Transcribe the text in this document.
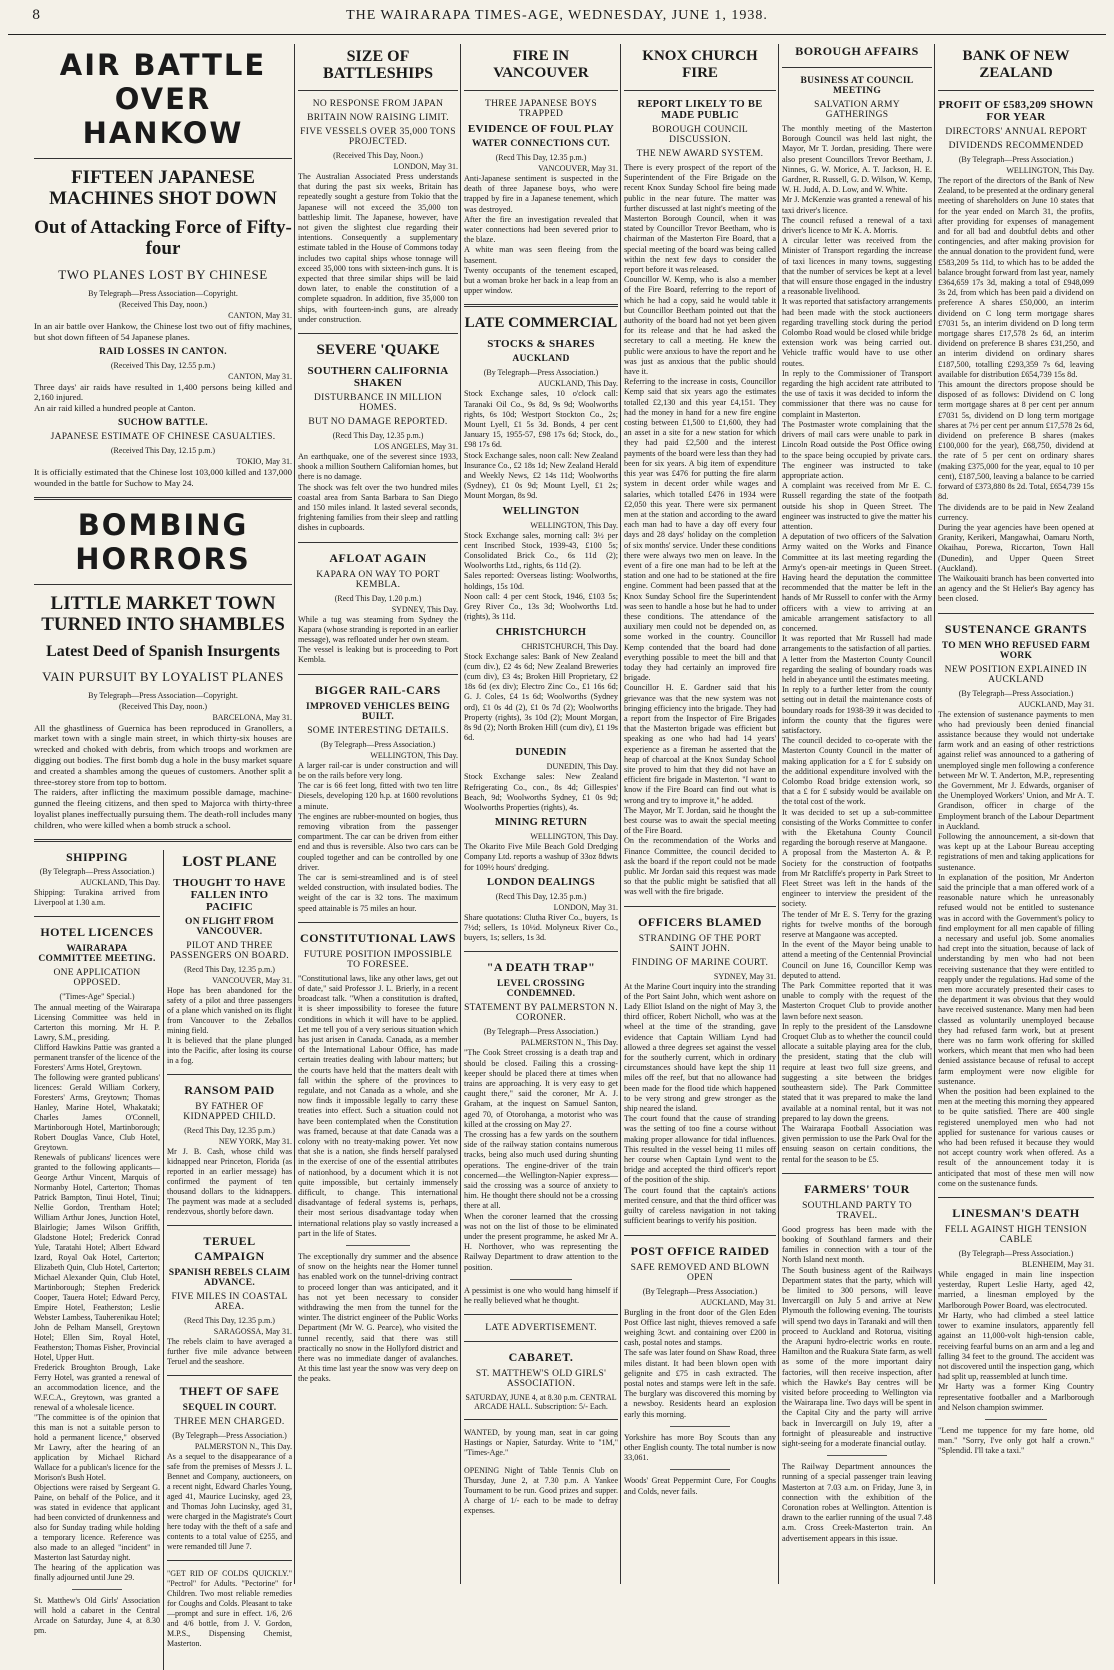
8	THE WAIRARAPA TIMES-AGE, WEDNESDAY, JUNE 1, 1938.
AIR BATTLE OVER HANKOW
FIFTEEN JAPANESE MACHINES SHOT DOWN
Out of Attacking Force of Fifty-four
TWO PLANES LOST BY CHINESE
By Telegraph—Press Association—Copyright.
(Received This Day, noon.)
CANTON, May 31.

In an air battle over Hankow, the Chinese lost two out of fifty machines, but shot down fifteen of 54 Japanese planes.

RAID LOSSES IN CANTON.
(Received This Day, 12.55 p.m.)
CANTON, May 31.

Three days' air raids have resulted in 1,400 persons being killed and 2,160 injured.

An air raid killed a hundred people at Canton.

SUCHOW BATTLE.
JAPANESE ESTIMATE OF CHINESE CASUALTIES.
(Received This Day, 12.15 p.m.)
TOKIO, May 31.

It is officially estimated that the Chinese lost 103,000 killed and 137,000 wounded in the battle for Suchow to May 24.

BOMBING HORRORS
LITTLE MARKET TOWN TURNED INTO SHAMBLES
Latest Deed of Spanish Insurgents
VAIN PURSUIT BY LOYALIST PLANES
By Telegraph—Press Association—Copyright.
(Received This Day, noon.)
BARCELONA, May 31.

All the ghastliness of Guernica has been reproduced in Granollers, a market town with a single main street, in which thirty-six houses are wrecked and choked with debris, from which troops and workmen are digging out bodies. The first bomb dug a hole in the busy market square and created a shambles among the queues of customers. Another split a three-storey store from top to bottom.

The raiders, after inflicting the maximum possible damage, machine-gunned the fleeing citizens, and then sped to Majorca with thirty-three loyalist planes ineffectually pursuing them. The death-roll includes many children, who were killed when a bomb struck a school.

SHIPPING
(By Telegraph—Press Association.)
AUCKLAND, This Day.

Shipping: Turakina arrived from Liverpool at 1.30 a.m.

HOTEL LICENCES
WAIRARAPA COMMITTEE MEETING.
ONE APPLICATION OPPOSED.
("Times-Age" Special.)

The annual meeting of the Wairarapa Licensing Committee was held in Carterton this morning. Mr H. P. Lawry, S.M., presiding.

Clifford Hawkins Pattie was granted a permanent transfer of the licence of the Foresters' Arms Hotel, Greytown.

The following were granted publicans' licences: Gerald William Corkery, Foresters' Arms, Greytown; Thomas Hanley, Marine Hotel, Whakataki; Charles James O'Connell, Martinborough Hotel, Martinborough; Robert Douglas Vance, Club Hotel, Greytown.

Renewals of publicans' licences were granted to the following applicants—George Arthur Vincent, Marquis of Normanby Hotel, Carterton; Thomas Patrick Bampton, Tinui Hotel, Tinui; Nellie Gordon, Trentham Hotel; William Arthur Jones, Junction Hotel, Blairlogie; James Wilson Griffith, Gladstone Hotel; Frederick Conrad Yule, Taratahi Hotel; Albert Edward Izard, Royal Oak Hotel, Carterton; Elizabeth Quin, Club Hotel, Carterton; Michael Alexander Quin, Club Hotel, Martinborough; Stephen Frederick Cooper, Tauera Hotel; Edward Percy, Empire Hotel, Featherston; Leslie Webster Lambess, Tauherenikau Hotel; John de Pelham Mansell, Greytown Hotel; Ellen Sim, Royal Hotel, Featherston; Thomas Fisher, Provincial Hotel, Upper Hutt.

Frederick Broughton Brough, Lake Ferry Hotel, was granted a renewal of an accommodation licence, and the W.F.C.A., Greytown, was granted a renewal of a wholesale licence.

"The committee is of the opinion that this man is not a suitable person to hold a permanent licence," observed Mr Lawry, after the hearing of an application by Michael Richard Wallace for a publican's licence for the Morison's Bush Hotel.

Objections were raised by Sergeant G. Paine, on behalf of the Police, and it was stated in evidence that applicant had been convicted of drunkenness and also for Sunday trading while holding a temporary licence. Reference was also made to an alleged "incident" in Masterton last Saturday night.

The hearing of the application was finally adjourned until June 29.

St. Matthew's Old Girls' Association will hold a cabaret in the Central Arcade on Saturday, June 4, at 8.30 pm.

LOST PLANE
THOUGHT TO HAVE FALLEN INTO PACIFIC
ON FLIGHT FROM VANCOUVER.
PILOT AND THREE PASSENGERS ON BOARD.
(Recd This Day, 12.35 p.m.)
VANCOUVER, May 31.

Hope has been abandoned for the safety of a pilot and three passengers of a plane which vanished on its flight from Vancouver to the Zeballos mining field.

It is believed that the plane plunged into the Pacific, after losing its course in a fog.

RANSOM PAID
BY FATHER OF KIDNAPPED CHILD.
(Recd This Day, 12.35 p.m.)
NEW YORK, May 31.

Mr J. B. Cash, whose child was kidnapped near Princeton, Florida (as reported in an earlier message) has confirmed the payment of ten thousand dollars to the kidnappers. The payment was made at a secluded rendezvous, shortly before dawn.

TERUEL CAMPAIGN
SPANISH REBELS CLAIM ADVANCE.
FIVE MILES IN COASTAL AREA.
(Recd This Day, 12.35 p.m.)
SARAGOSSA, May 31.

The rebels claim to have averaged a further five mile advance between Teruel and the seashore.

THEFT OF SAFE
SEQUEL IN COURT.
THREE MEN CHARGED.
(By Telegraph—Press Association.)
PALMERSTON N., This Day.

As a sequel to the disappearance of a safe from the premises of Messrs J. L. Bennet and Company, auctioneers, on a recent night, Edward Charles Young, aged 41, Maurice Lucinsky, aged 23, and Thomas John Lucinsky, aged 31, were charged in the Magistrate's Court here today with the theft of a safe and contents to a total value of £255, and were remanded till June 7.

"GET RID OF COLDS QUICKLY." "Pectrol" for Adults. "Pectorine" for Children. Two most reliable remedies for Coughs and Colds. Pleasant to take—prompt and sure in effect. 1/6, 2/6 and 4/6 bottle, from J. V. Gordon, M.P.S., Dispensing Chemist, Masterton.

SIZE OF BATTLESHIPS
NO RESPONSE FROM JAPAN
BRITAIN NOW RAISING LIMIT.
FIVE VESSELS OVER 35,000 TONS PROJECTED.
(Received This Day, Noon.)
LONDON, May 31.

The Australian Associated Press understands that during the past six weeks, Britain has repeatedly sought a gesture from Tokio that the Japanese will not exceed the 35,000 ton battleship limit. The Japanese, however, have not given the slightest clue regarding their intentions. Consequently a supplementary estimate tabled in the House of Commons today includes two capital ships whose tonnage will exceed 35,000 tons with sixteen-inch guns. It is expected that three similar ships will be laid down later, to enable the constitution of a complete squadron. In addition, five 35,000 ton ships, with fourteen-inch guns, are already under construction.

SEVERE 'QUAKE
SOUTHERN CALIFORNIA SHAKEN
DISTURBANCE IN MILLION HOMES.
BUT NO DAMAGE REPORTED.
(Recd This Day, 12.35 p.m.)
LOS ANGELES, May 31.

An earthquake, one of the severest since 1933, shook a million Southern Californian homes, but there is no damage.

The shock was felt over the two hundred miles coastal area from Santa Barbara to San Diego and 150 miles inland. It lasted several seconds, frightening families from their sleep and rattling dishes in cupboards.

AFLOAT AGAIN
KAPARA ON WAY TO PORT KEMBLA.
(Recd This Day, 1.20 p.m.)
SYDNEY, This Day.

While a tug was steaming from Sydney the Kapara (whose stranding is reported in an earlier message), was refloated under her own steam.

The vessel is leaking but is proceeding to Port Kembla.

BIGGER RAIL-CARS
IMPROVED VEHICLES BEING BUILT.
SOME INTERESTING DETAILS.
(By Telegraph—Press Association.)
WELLINGTON, This Day.

A larger rail-car is under construction and will be on the rails before very long.

The car is 66 feet long, fitted with two ten litre Diesels, developing 120 h.p. at 1600 revolutions a minute.

The engines are rubber-mounted on bogies, thus removing vibration from the passenger compartment. The car can be driven from either end and thus is reversible. Also two cars can be coupled together and can be controlled by one driver.

The car is semi-streamlined and is of steel welded construction, with insulated bodies. The weight of the car is 32 tons. The maximum speed attainable is 75 miles an hour.

CONSTITUTIONAL LAWS
FUTURE POSITION IMPOSSIBLE TO FORESEE.

"Constitutional laws, like any other laws, get out of date," said Professor J. L. Brierly, in a recent broadcast talk. "When a constitution is drafted, it is sheer impossibility to foresee the future conditions in which it will have to be applied. Let me tell you of a very serious situation which has just arisen in Canada. Canada, as a member of the International Labour Office, has made certain treaties dealing with labour matters; but the courts have held that the matters dealt with fall within the sphere of the provinces to regulate, and not Canada as a whole, and she now finds it impossible legally to carry these treaties into effect. Such a situation could not have been contemplated when the Constitution was framed, because at that date Canada was a colony with no treaty-making power. Yet now that she is a nation, she finds herself paralysed in the exercise of one of the essential attributes of nationhood, by a document which it is not quite impossible, but certainly immensely difficult, to change. This international disadvantage of federal systems is, perhaps, their most serious disadvantage today when international relations play so vastly increased a part in the life of States.

The exceptionally dry summer and the absence of snow on the heights near the Homer tunnel has enabled work on the tunnel-driving contract to proceed longer than was anticipated, and it has not yet been necessary to consider withdrawing the men from the tunnel for the winter. The district engineer of the Public Works Department (Mr W. G. Pearce), who visited the tunnel recently, said that there was still practically no snow in the Hollyford district and there was no immediate danger of avalanches. At this time last year the snow was very deep on the peaks.

FIRE IN VANCOUVER
THREE JAPANESE BOYS TRAPPED
EVIDENCE OF FOUL PLAY
WATER CONNECTIONS CUT.
(Recd This Day, 12.35 p.m.)
VANCOUVER, May 31.

Anti-Japanese sentiment is suspected in the death of three Japanese boys, who were trapped by fire in a Japanese tenement, which was destroyed.

After the fire an investigation revealed that water connections had been severed prior to the blaze.

A white man was seen fleeing from the basement.

Twenty occupants of the tenement escaped, but a woman broke her back in a leap from an upper window.

LATE COMMERCIAL
STOCKS & SHARES
AUCKLAND
(By Telegraph—Press Association.)
AUCKLAND, This Day.

Stock Exchange sales, 10 o'clock call: Taranaki Oil Co., 9s 8d, 9s 9d; Woolworths rights, 6s 10d; Westport Stockton Co., 2s; Mount Lyell, £1 5s 3d. Bonds, 4 per cent January 15, 1955-57, £98 17s 6d; Stock, do., £98 17s 6d.

Stock Exchange sales, noon call: New Zealand Insurance Co., £2 18s 1d; New Zealand Herald and Weekly News, £2 14s 11d; Woolworths (Sydney), £1 0s 9d; Mount Lyell, £1 2s; Mount Morgan, 8s 9d.

WELLINGTON
WELLINGTON, This Day.

Stock Exchange sales, morning call: 3½ per cent Inscribed Stock, 1939-43, £100 5s; Consolidated Brick Co., 6s 11d (2); Woolworths Ltd., rights, 6s 11d (2).

Sales reported: Overseas listing: Woolworths, holdings, 15s 10d.

Noon call: 4 per cent Stock, 1946, £103 5s; Grey River Co., 13s 3d; Woolworths Ltd. (rights), 3s 11d.

CHRISTCHURCH
CHRISTCHURCH, This Day.

Stock Exchange sales: Bank of New Zealand (cum div.), £2 4s 6d; New Zealand Breweries (cum div), £3 4s; Broken Hill Proprietary, £2 18s 6d (ex div); Electro Zinc Co., £1 16s 6d; G. J. Coles, £4 1s 6d; Woolworths (Sydney ord), £1 0s 4d (2), £1 0s 7d (2); Woolworths Property (rights), 3s 10d (2); Mount Morgan, 8s 9d (2); North Broken Hill (cum div), £1 19s 6d.

DUNEDIN
DUNEDIN, This Day.

Stock Exchange sales: New Zealand Refrigerating Co., con., 8s 4d; Gillespies' Beach, 9d; Woolworths Sydney, £1 0s 9d; Woolworths Properties (rights), 4s.

MINING RETURN
WELLINGTON, This Day.

The Okarito Five Mile Beach Gold Dredging Company Ltd. reports a washup of 33oz 8dwts for 109½ hours' dredging.

LONDON DEALINGS
(Recd This Day, 12.35 p.m.)
LONDON, May 31.

Share quotations: Clutha River Co., buyers, 1s 7½d; sellers, 1s 10½d. Molyneux River Co., buyers, 1s; sellers, 1s 3d.

"A DEATH TRAP"
LEVEL CROSSING CONDEMNED.
STATEMENT BY PALMERSTON N. CORONER.
(By Telegraph—Press Association.)
PALMERSTON N., This Day.

"The Cook Street crossing is a death trap and should be closed. Failing this a crossing-keeper should be placed there at times when trains are approaching. It is very easy to get caught there," said the coroner, Mr A. J. Graham, at the inquest on Samuel Santon, aged 70, of Otorohanga, a motorist who was killed at the crossing on May 27.

The crossing has a few yards on the southern side of the railway station contains numerous tracks, being also much used during shunting operations. The engine-driver of the train concerned—the Wellington-Napier express—said the crossing was a source of anxiety to him. He thought there should not be a crossing there at all.

When the coroner learned that the crossing was not on the list of those to be eliminated under the present programme, he asked Mr A. H. Northover, who was representing the Railway Department to draw attention to the position.

A pessimist is one who would hang himself if he really believed what he thought.

LATE ADVERTISEMENT.
CABARET.
ST. MATTHEW'S OLD GIRLS' ASSOCIATION.
SATURDAY, JUNE 4, at 8.30 p.m. CENTRAL ARCADE HALL. Subscription: 5/- Each.

WANTED, by young man, seat in car going Hastings or Napier, Saturday. Write to "1M," "Times-Age."

OPENING Night of Table Tennis Club on Thursday, June 2, at 7.30 p.m. A Yankee Tournament to be run. Good prizes and supper. A charge of 1/- each to be made to defray expenses.

KNOX CHURCH FIRE
REPORT LIKELY TO BE MADE PUBLIC
BOROUGH COUNCIL DISCUSSION.
THE NEW AWARD SYSTEM.

There is every prospect of the report of the Superintendent of the Fire Brigade on the recent Knox Sunday School fire being made public in the near future. The matter was further discussed at last night's meeting of the Masterton Borough Council, when it was stated by Councillor Trevor Beetham, who is chairman of the Masterton Fire Board, that a special meeting of the board was being called within the next few days to consider the report before it was released.

Councillor W. Kemp, who is also a member of the Fire Board, referring to the report of which he had a copy, said he would table it but Councillor Beetham pointed out that the authority of the board had not yet been given for its release and that he had asked the secretary to call a meeting. He knew the public were anxious to have the report and he was just as anxious that the public should have it.

Referring to the increase in costs, Councillor Kemp said that six years ago the estimates totalled £2,130 and this year £4,151. They had the money in hand for a new fire engine costing between £1,500 to £1,600, they had an asset in a site for a new station for which they had paid £2,500 and the interest payments of the board were less than they had been for six years. A big item of expenditure this year was £476 for putting the fire alarm system in decent order while wages and salaries, which totalled £476 in 1934 were £2,050 this year. There were six permanent men at the station and according to the award each man had to have a day off every four days and 28 days' holiday on the completion of six months' service. Under these conditions there were always two men on leave. In the event of a fire one man had to be left at the station and one had to be stationed at the fire engine. Comment had been passed that at the Knox Sunday School fire the Superintendent was seen to handle a hose but he had to under these conditions. The attendance of the auxiliary men could not be depended on, as some worked in the country. Councillor Kemp contended that the board had done everything possible to meet the bill and that today they had certainly an improved fire brigade.

Councillor H. E. Gardner said that his grievance was that the new system was not bringing efficiency into the brigade. They had a report from the Inspector of Fire Brigades that the Masterton brigade was efficient but speaking as one who had had 14 years' experience as a fireman he asserted that the heap of charcoal at the Knox Sunday School site proved to him that they did not have an efficient fire brigade in Masterton. "I want to know if the Fire Board can find out what is wrong and try to improve it," he added.

The Mayor, Mr T. Jordan, said he thought the best course was to await the special meeting of the Fire Board.

On the recommendation of the Works and Finance Committee, the council decided to ask the board if the report could not be made public. Mr Jordan said this request was made so that the public might be satisfied that all was well with the fire brigade.

OFFICERS BLAMED
STRANDING OF THE PORT SAINT JOHN.
FINDING OF MARINE COURT.
SYDNEY, May 31.

At the Marine Court inquiry into the stranding of the Port Saint John, which went ashore on Lady Elliot Island on the night of May 3, the third officer, Robert Nicholl, who was at the wheel at the time of the stranding, gave evidence that Captain William Lynd had allowed a three degrees set against the vessel for the southerly current, which in ordinary circumstances should have kept the ship 11 miles off the reef, but that no allowance had been made for the flood tide which happened to be very strong and grew stronger as the ship neared the island.

The court found that the cause of stranding was the setting of too fine a course without making proper allowance for tidal influences. This resulted in the vessel being 11 miles off her course when Captain Lynd went to the bridge and accepted the third officer's report of the position of the ship.

The court found that the captain's actions merited censure, and that the third officer was guilty of careless navigation in not taking sufficient bearings to verify his position.

POST OFFICE RAIDED
SAFE REMOVED AND BLOWN OPEN
(By Telegraph—Press Association.)
AUCKLAND, May 31.

Burgling in the front door of the Glen Eden Post Office last night, thieves removed a safe weighing 3cwt. and containing over £200 in cash, postal notes and stamps.

The safe was later found on Shaw Road, three miles distant. It had been blown open with gelignite and £75 in cash extracted. The postal notes and stamps were left in the safe. The burglary was discovered this morning by a newsboy. Residents heard an explosion early this morning.

Yorkshire has more Boy Scouts than any other English county. The total number is now 33,061.

Woods' Great Peppermint Cure, For Coughs and Colds, never fails.

BOROUGH AFFAIRS
BUSINESS AT COUNCIL MEETING
SALVATION ARMY GATHERINGS

The monthly meeting of the Masterton Borough Council was held last night, the Mayor, Mr T. Jordan, presiding. There were also present Councillors Trevor Beetham, J. Ninnes, G. W. Morice, A. T. Jackson, H. E. Gardner, R. Russell, G. D. Wilson, W. Kemp, W. H. Judd, A. D. Low, and W. White.

Mr J. McKenzie was granted a renewal of his taxi driver's licence.

The council refused a renewal of a taxi driver's licence to Mr K. A. Morris.

A circular letter was received from the Minister of Transport regarding the increase of taxi licences in many towns, suggesting that the number of services be kept at a level that will ensure those engaged in the industry a reasonable livelihood.

It was reported that satisfactory arrangements had been made with the stock auctioneers regarding travelling stock during the period Colombo Road would be closed while bridge extension work was being carried out. Vehicle traffic would have to use other routes.

In reply to the Commissioner of Transport regarding the high accident rate attributed to the use of taxis it was decided to inform the commissioner that there was no cause for complaint in Masterton.

The Postmaster wrote complaining that the drivers of mail cars were unable to park in Lincoln Road outside the Post Office owing to the space being occupied by private cars. The engineer was instructed to take appropriate action.

A complaint was received from Mr E. C. Russell regarding the state of the footpath outside his shop in Queen Street. The engineer was instructed to give the matter his attention.

A deputation of two officers of the Salvation Army waited on the Works and Finance Committee at its last meeting regarding the Army's open-air meetings in Queen Street. Having heard the deputation the committee recommended that the matter be left in the hands of Mr Russell to confer with the Army officers with a view to arriving at an amicable arrangement satisfactory to all concerned.

It was reported that Mr Russell had made arrangements to the satisfaction of all parties.

A letter from the Masterton County Council regarding the sealing of boundary roads was held in abeyance until the estimates meeting.

In reply to a further letter from the county setting out in detail the maintenance costs of boundary roads for 1938-39 it was decided to inform the county that the figures were satisfactory.

The council decided to co-operate with the Masterton County Council in the matter of making application for a £ for £ subsidy on the additional expenditure involved with the Colombo Road bridge extension work, so that a £ for £ subsidy would be available on the total cost of the work.

It was decided to set up a sub-committee consisting of the Works Committee to confer with the Eketahuna County Council regarding the borough reserve at Mangaone.

A proposal from the Masterton A. & P. Society for the construction of footpaths from Mr Ratcliffe's property in Park Street to Fleet Street was left in the hands of the engineer to interview the president of the society.

The tender of Mr E. S. Terry for the grazing rights for twelve months of the borough reserve at Mangaone was accepted.

In the event of the Mayor being unable to attend a meeting of the Centennial Provincial Council on June 16, Councillor Kemp was deputed to attend.

The Park Committee reported that it was unable to comply with the request of the Masterton Croquet Club to provide another lawn before next season.

In reply to the president of the Lansdowne Croquet Club as to whether the council could allocate a suitable playing area for the club, the president, stating that the club will require at least two full size greens, and suggesting a site between the bridges southeastern side). The Park Committee stated that it was prepared to make the land available at a nominal rental, but it was not prepared to lay down the greens.

The Wairarapa Football Association was given permission to use the Park Oval for the ensuing season on certain conditions, the rental for the season to be £5.

FARMERS' TOUR
SOUTHLAND PARTY TO TRAVEL.

Good progress has been made with the booking of Southland farmers and their families in connection with a tour of the North Island next month.

The South business agent of the Railways Department states that the party, which will be limited to 300 persons, will leave Invercargill on July 5 and arrive at New Plymouth the following evening. The tourists will spend two days in Taranaki and will then proceed to Auckland and Rotorua, visiting the Arapuni hydro-electric works en route. Hamilton and the Ruakura State farm, as well as some of the more important dairy factories, will then receive inspection, after which the Hawke's Bay centres will be visited before proceeding to Wellington via the Wairarapa line. Two days will be spent in the Capital City and the party will arrive back in Invercargill on July 19, after a fortnight of pleasureable and instructive sight-seeing for a moderate financial outlay.

The Railway Department announces the running of a special passenger train leaving Masterton at 7.03 a.m. on Friday, June 3, in connection with the exhibition of the Coronation robes at Wellington. Attention is drawn to the earlier running of the usual 7.48 a.m. Cross Creek-Masterton train. An advertisement appears in this issue.

BANK OF NEW ZEALAND
PROFIT OF £583,209 SHOWN FOR YEAR
DIRECTORS' ANNUAL REPORT
DIVIDENDS RECOMMENDED
(By Telegraph—Press Association.)
WELLINGTON, This Day.

The report of the directors of the Bank of New Zealand, to be presented at the ordinary general meeting of shareholders on June 10 states that for the year ended on March 31, the profits, after providing for expenses of management and for all bad and doubtful debts and other contingencies, and after making provision for the annual donation to the provident fund, were £583,209 5s 11d, to which has to be added the balance brought forward from last year, namely £364,659 17s 3d, making a total of £948,099 3s 2d, from which has been paid a dividend on preference A shares £50,000, an interim dividend on C long term mortgage shares £7031 5s, an interim dividend on D long term mortgage shares £17,578 2s 6d, an interim dividend on preference B shares £31,250, and an interim dividend on ordinary shares £187,500, totalling £293,359 7s 6d, leaving available for distribution £654,739 15s 8d.

This amount the directors propose should be disposed of as follows: Dividend on C long term mortgage shares at 8 per cent per annum £7031 5s, dividend on D long term mortgage shares at 7½ per cent per annum £17,578 2s 6d, dividend on preference B shares (makes £100,000 for the year), £68,750, dividend at the rate of 5 per cent on ordinary shares (making £375,000 for the year, equal to 10 per cent), £187,500, leaving a balance to be carried forward of £373,880 8s 2d. Total, £654,739 15s 8d.

The dividends are to be paid in New Zealand currency.

During the year agencies have been opened at Granity, Kerikeri, Mangawhai, Oamaru North, Okaihau, Porewa, Riccarton, Town Hall (Dunedin), and Upper Queen Street (Auckland).

The Waikouaiti branch has been converted into an agency and the St Helier's Bay agency has been closed.

SUSTENANCE GRANTS
TO MEN WHO REFUSED FARM WORK
NEW POSITION EXPLAINED IN AUCKLAND
(By Telegraph—Press Association.)
AUCKLAND, May 31.

The extension of sustenance payments to men who had previously been denied financial assistance because they would not undertake farm work and an easing of other restrictions against relief was announced to a gathering of unemployed single men following a conference between Mr W. T. Anderton, M.P., representing the Government, Mr J. Edwards, organiser of the Unemployed Workers' Union, and Mr A. T. Grandison, officer in charge of the Employment branch of the Labour Department in Auckland.

Following the announcement, a sit-down that was kept up at the Labour Bureau accepting registrations of men and taking applications for sustenance.

In explanation of the position, Mr Anderton said the principle that a man offered work of a reasonable nature which he unreasonably refused would not be entitled to sustenance was in accord with the Government's policy to find employment for all men capable of filling a necessary and useful job. Some anomalies had crept into the situation, because of lack of understanding by men who had not been receiving sustenance that they were entitled to reapply under the regulations. Had some of the men more accurately presented their cases to the department it was obvious that they would have received sustenance. Many men had been classed as voluntarily unemployed because they had refused farm work, but at present there was no farm work offering for skilled workers, which meant that men who had been denied assistance because of refusal to accept farm employment were now eligible for sustenance.

When the position had been explained to the men at the meeting this morning they appeared to be quite satisfied. There are 400 single registered unemployed men who had not applied for sustenance for various causes or who had been refused it because they would not accept country work when offered. As a result of the announcement today it is anticipated that most of these men will now come on the sustenance funds.

LINESMAN'S DEATH
FELL AGAINST HIGH TENSION CABLE
(By Telegraph—Press Association.)
BLENHEIM, May 31.

While engaged in main line inspection yesterday, Rupert Leslie Harty, aged 42, married, a linesman employed by the Marlborough Power Board, was electrocuted.

Mr Harty, who had climbed a steel lattice tower to examine insulators, apparently fell against an 11,000-volt high-tension cable, receiving fearful burns on an arm and a leg and falling 34 feet to the ground. The accident was not discovered until the inspection gang, which had split up, reassembled at lunch time.

Mr Harty was a former King Country representative footballer and a Marlborough and Nelson champion swimmer.

"Lend me tuppence for my fare home, old man." "Sorry, I've only got half a crown." "Splendid. I'll take a taxi."
